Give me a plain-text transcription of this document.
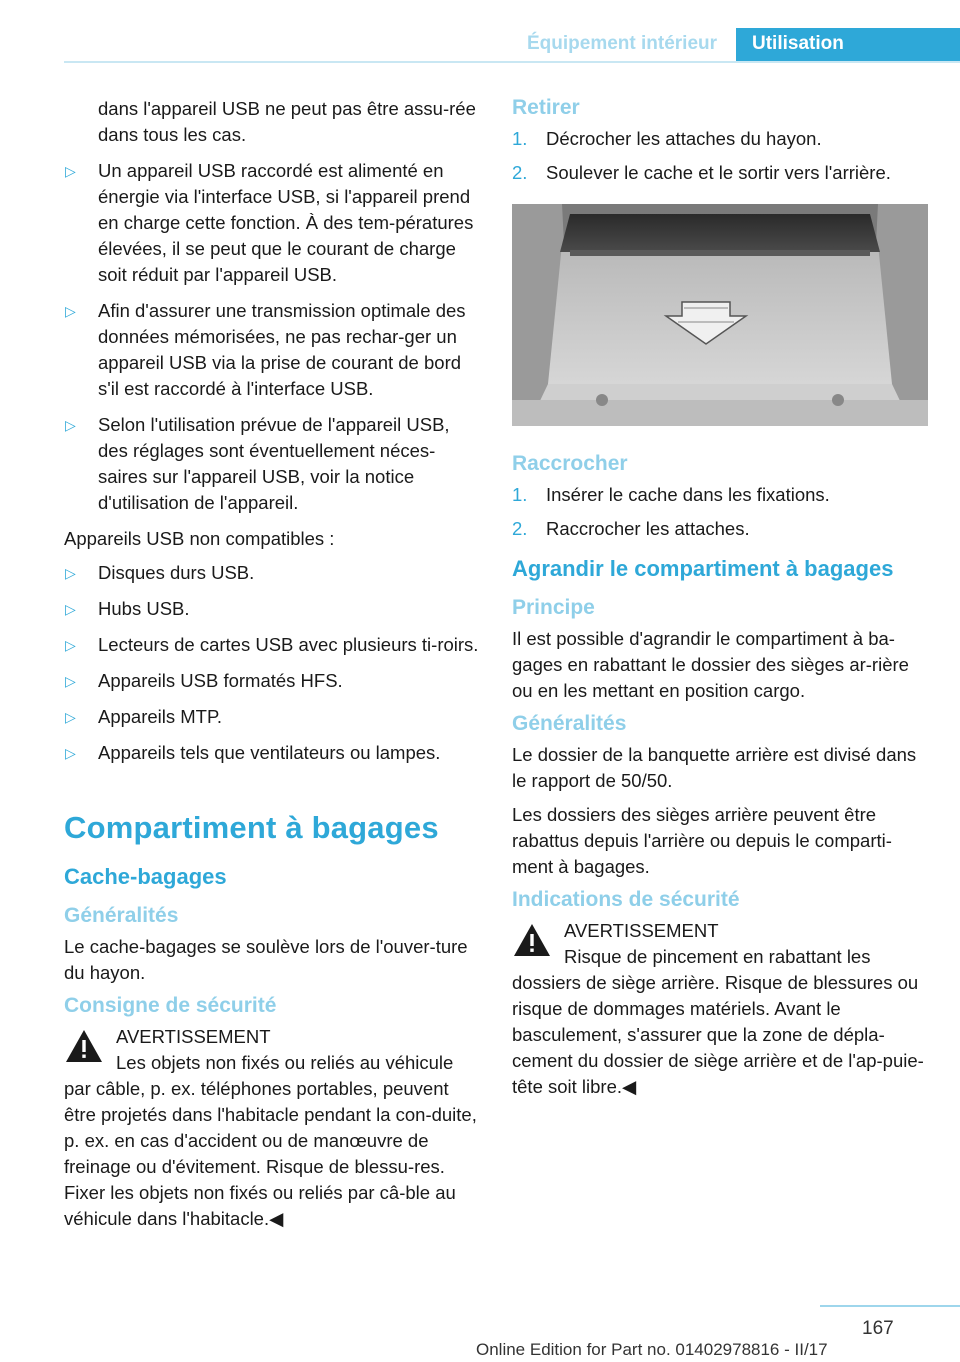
Équipement intérieur	Utilisation
dans l'appareil USB ne peut pas être assu‐rée dans tous les cas.
▷ Un appareil USB raccordé est alimenté en énergie via l'interface USB, si l'appareil prend en charge cette fonction. À des tem‐pératures élevées, il se peut que le courant de charge soit réduit par l'appareil USB.
▷ Afin d'assurer une transmission optimale des données mémorisées, ne pas rechar‐ger un appareil USB via la prise de courant de bord s'il est raccordé à l'interface USB.
▷ Selon l'utilisation prévue de l'appareil USB, des réglages sont éventuellement néces‐saires sur l'appareil USB, voir la notice d'utilisation de l'appareil.

Appareils USB non compatibles :

▷ Disques durs USB.
▷ Hubs USB.
▷ Lecteurs de cartes USB avec plusieurs ti‐roirs.
▷ Appareils USB formatés HFS.
▷ Appareils MTP.
▷ Appareils tels que ventilateurs ou lampes.
Compartiment à bagages
Cache-bagages
Généralités

Le cache-bagages se soulève lors de l'ouver‐ture du hayon.

Consigne de sécurité
AVERTISSEMENT
Les objets non fixés ou reliés au véhicule par câble, p. ex. téléphones portables, peuvent être projetés dans l'habitacle pendant la con‐duite, p. ex. en cas d'accident ou de manœuvre de freinage ou d'évitement. Risque de blessu‐res. Fixer les objets non fixés ou reliés par câ‐ble au véhicule dans l'habitacle.◀
Retirer
1. Décrocher les attaches du hayon.
2. Soulever le cache et le sortir vers l'arrière.
Raccrocher
1. Insérer le cache dans les fixations.
2. Raccrocher les attaches.
Agrandir le compartiment à bagages
Principe

Il est possible d'agrandir le compartiment à ba‐gages en rabattant le dossier des sièges ar‐rière ou en les mettant en position cargo.

Généralités

Le dossier de la banquette arrière est divisé dans le rapport de 50/50.

Les dossiers des sièges arrière peuvent être rabattus depuis l'arrière ou depuis le comparti‐ment à bagages.

Indications de sécurité
AVERTISSEMENT
Risque de pincement en rabattant les dossiers de siège arrière. Risque de blessures ou risque de dommages matériels. Avant le basculement, s'assurer que la zone de dépla‐cement du dossier de siège arrière et de l'ap‐puie-tête soit libre.◀
167
Online Edition for Part no. 01402978816 - II/17
